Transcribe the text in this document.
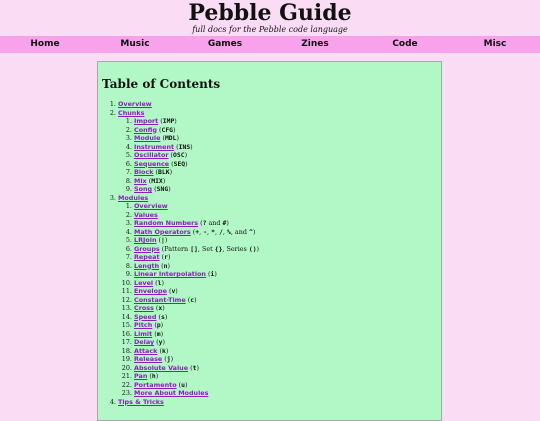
Pebble Guide

full docs for the Pebble code language

Home	Music	Games	Zines	Code	Misc
Table of Contents
1. Overview
2. Chunks
1. Import (IMP)
2. Config (CFG)
3. Module (MDL)
4. Instrument (INS)
5. Oscillator (OSC)
6. Sequence (SEQ)
7. Block (BLK)
8. Mix (MIX)
9. Song (SNG)
3. Modules
1. Overview
2. Values
3. Random Numbers (? and #)
4. Math Operators (+, -, *, /, %, and ^)
5. LRJoin (|)
6. Groups (Pattern [], Set {}, Series ())
7. Repeat (r)
8. Length (n)
9. Linear Interpolation (i)
10. Level (l)
11. Envelope (v)
12. Constant-Time (c)
13. Cross (x)
14. Speed (s)
15. Pitch (p)
16. Limit (m)
17. Delay (y)
18. Attack (k)
19. Release (j)
20. Absolute Value (t)
21. Pan (h)
22. Portamento (u)
23. More About Modules
4. Tips & Tricks
